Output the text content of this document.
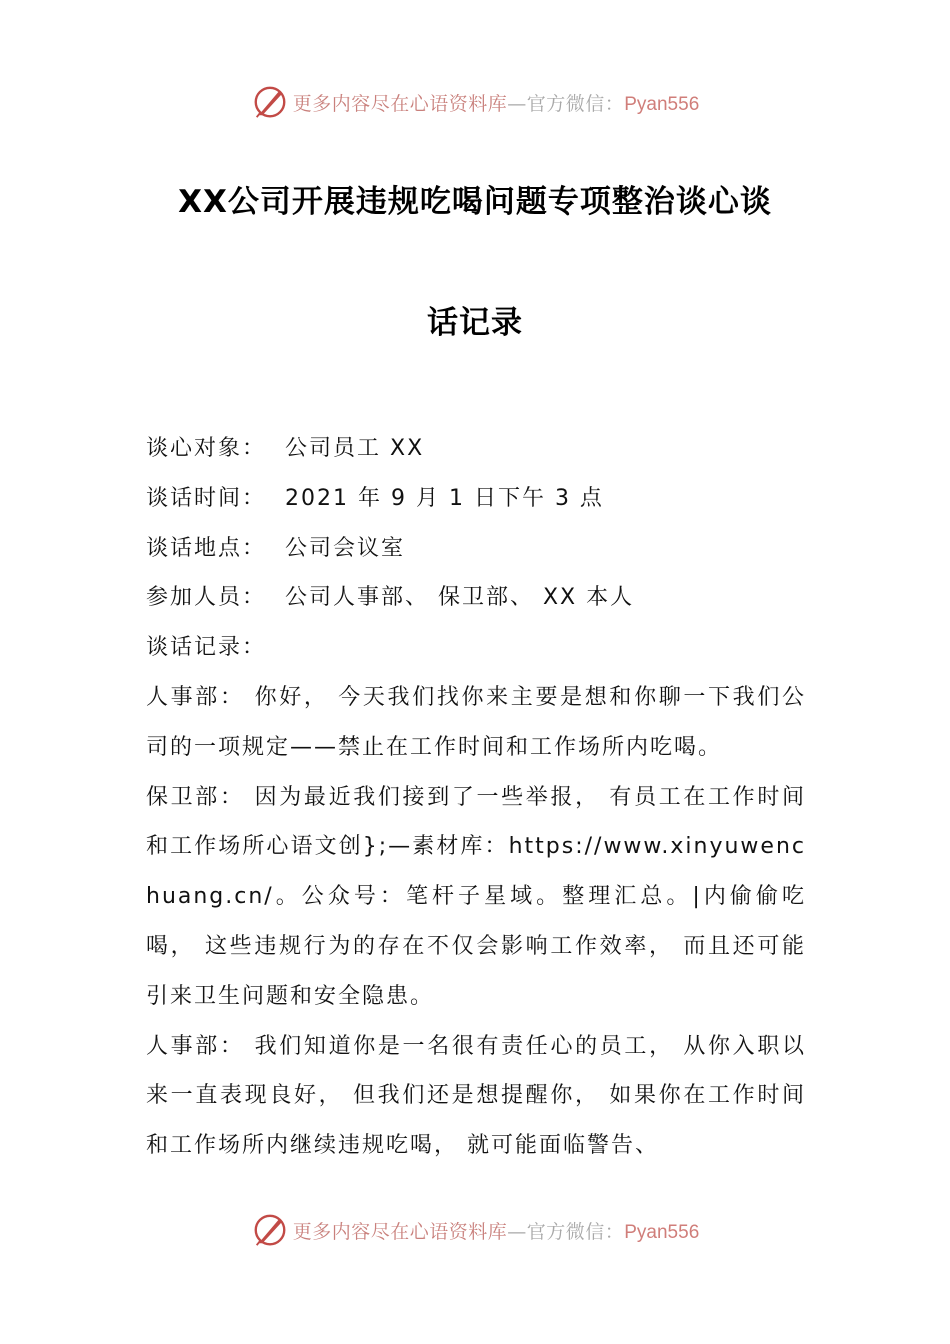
更多内容尽在心语资料库—官方微信：Pyan556
XX公司开展违规吃喝问题专项整治谈心谈
话记录
谈心对象： 公司员工 XX
谈话时间： 2021 年 9 月 1 日下午 3 点
谈话地点： 公司会议室
参加人员： 公司人事部、 保卫部、 XX 本人
谈话记录：
人事部： 你好， 今天我们找你来主要是想和你聊一下我们公司的一项规定——禁止在工作时间和工作场所内吃喝。
保卫部： 因为最近我们接到了一些举报， 有员工在工作时间和工作场所心语文创};—素材库：https://www.xinyuwenchuang.cn/。公众号：笔杆子星域。整理汇总。|内偷偷吃喝， 这些违规行为的存在不仅会影响工作效率， 而且还可能引来卫生问题和安全隐患。
人事部： 我们知道你是一名很有责任心的员工， 从你入职以来一直表现良好， 但我们还是想提醒你， 如果你在工作时间和工作场所内继续违规吃喝， 就可能面临警告、
更多内容尽在心语资料库—官方微信：Pyan556
